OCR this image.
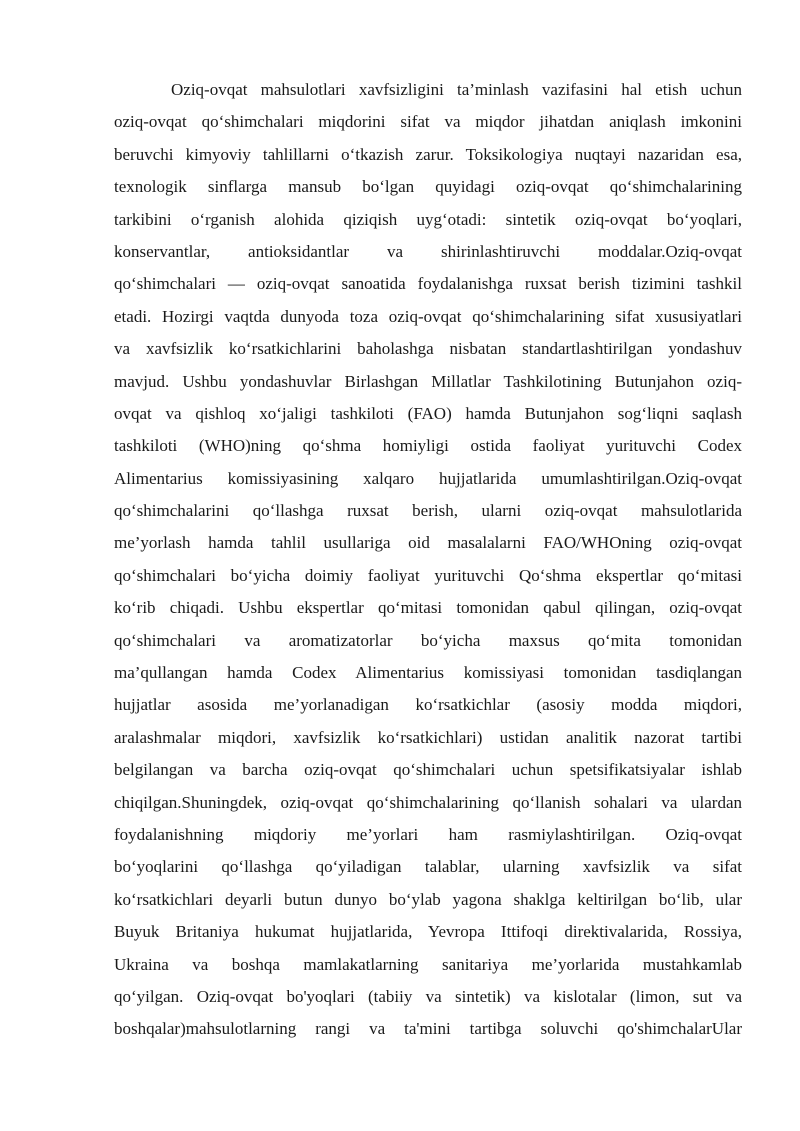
Oziq-ovqat mahsulotlari xavfsizligini ta’minlash vazifasini hal etish uchun
oziq-ovqat qo‘shimchalari miqdorini sifat va miqdor jihatdan aniqlash imkonini
beruvchi kimyoviy tahlillarni o‘tkazish zarur. Toksikologiya nuqtayi nazaridan esa,
texnologik sinflarga mansub bo‘lgan quyidagi oziq-ovqat qo‘shimchalarining
tarkibini o‘rganish alohida qiziqish uyg‘otadi: sintetik oziq-ovqat bo‘yoqlari,
konservantlar, antioksidantlar va shirinlashtiruvchi moddalar.Oziq-ovqat
qo‘shimchalari — oziq-ovqat sanoatida foydalanishga ruxsat berish tizimini tashkil
etadi. Hozirgi vaqtda dunyoda toza oziq-ovqat qo‘shimchalarining sifat xususiyatlari
va xavfsizlik ko‘rsatkichlarini baholashga nisbatan standartlashtirilgan yondashuv
mavjud. Ushbu yondashuvlar Birlashgan Millatlar Tashkilotining Butunjahon oziq-
ovqat va qishloq xo‘jaligi tashkiloti (FAO) hamda Butunjahon sog‘liqni saqlash
tashkiloti (WHO)ning qo‘shma homiyligi ostida faoliyat yurituvchi Codex
Alimentarius komissiyasining xalqaro hujjatlarida umumlashtirilgan.Oziq-ovqat
qo‘shimchalarini qo‘llashga ruxsat berish, ularni oziq-ovqat mahsulotlarida
me’yorlash hamda tahlil usullariga oid masalalarni FAO/WHOning oziq-ovqat
qo‘shimchalari bo‘yicha doimiy faoliyat yurituvchi Qo‘shma ekspertlar qo‘mitasi
ko‘rib chiqadi. Ushbu ekspertlar qo‘mitasi tomonidan qabul qilingan, oziq-ovqat
qo‘shimchalari va aromatizatorlar bo‘yicha maxsus qo‘mita tomonidan
ma’qullangan hamda Codex Alimentarius komissiyasi tomonidan tasdiqlangan
hujjatlar asosida me’yorlanadigan ko‘rsatkichlar (asosiy modda miqdori,
aralashmalar miqdori, xavfsizlik ko‘rsatkichlari) ustidan analitik nazorat tartibi
belgilangan va barcha oziq-ovqat qo‘shimchalari uchun spetsifikatsiyalar ishlab
chiqilgan.Shuningdek, oziq-ovqat qo‘shimchalarining qo‘llanish sohalari va ulardan
foydalanishning miqdoriy me’yorlari ham rasmiylashtirilgan. Oziq-ovqat
bo‘yoqlarini qo‘llashga qo‘yiladigan talablar, ularning xavfsizlik va sifat
ko‘rsatkichlari deyarli butun dunyo bo‘ylab yagona shaklga keltirilgan bo‘lib, ular
Buyuk Britaniya hukumat hujjatlarida, Yevropa Ittifoqi direktivalarida, Rossiya,
Ukraina va boshqa mamlakatlarning sanitariya me’yorlarida mustahkamlab
qo‘yilgan. Oziq-ovqat bo'yoqlari (tabiiy va sintetik) va kislotalar (limon, sut va
boshqalar)mahsulotlarning rangi va ta'mini tartibga soluvchi qo'shimchalarUlar
